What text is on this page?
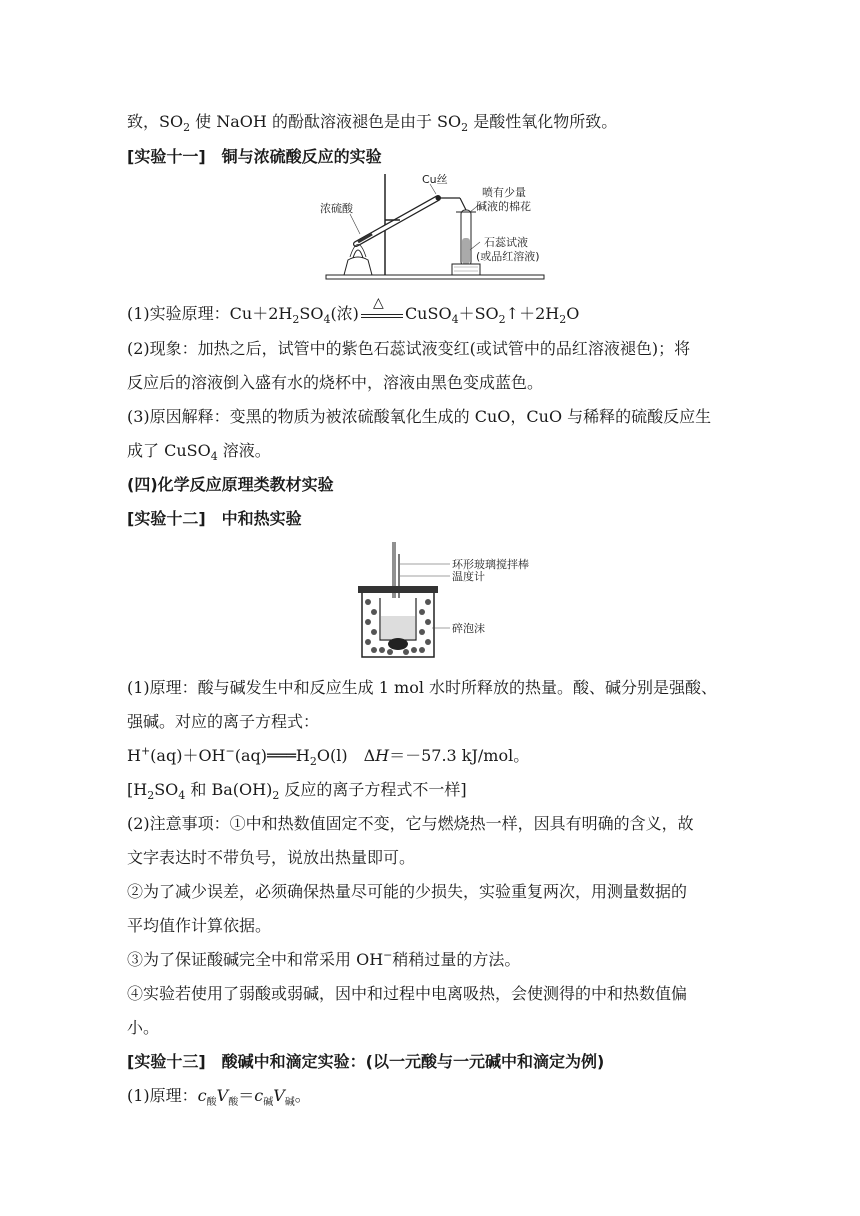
致，$SO_2$ 使 NaOH 的酚酞溶液褪色是由于 $SO_2$ 是酸性氧化物所致。
[实验十一]　铜与浓硫酸反应的实验
Cu丝
浓硫酸
喷有少量
碱液的棉花
石蕊试液
(或品红溶液)
(1)实验原理：$Cu+2H_2SO_4$(浓)
△
$CuSO_4+SO_2↑+2H_2O$
(2)现象：加热之后，试管中的紫色石蕊试液变红(或试管中的品红溶液褪色)；将
反应后的溶液倒入盛有水的烧杯中，溶液由黑色变成蓝色。
(3)原因解释：变黑的物质为被浓硫酸氧化生成的 CuO，CuO 与稀释的硫酸反应生
成了 CuSO$_4$ 溶液。
(四)化学反应原理类教材实验
[实验十二]　中和热实验
环形玻璃搅拌棒
温度计
碎泡沫
(1)原理：酸与碱发生中和反应生成 1 mol 水时所释放的热量。酸、碱分别是强酸、
强碱。对应的离子方程式：
$H^+(aq)+OH^-(aq)═══H_2O(l)$　ΔH＝－57.3 kJ/mol。
[$H_2SO_4$ 和 $Ba(OH)_2$ 反应的离子方程式不一样]
(2)注意事项：①中和热数值固定不变，它与燃烧热一样，因具有明确的含义，故
文字表达时不带负号，说放出热量即可。
②为了减少误差，必须确保热量尽可能的少损失，实验重复两次，用测量数据的
平均值作计算依据。
③为了保证酸碱完全中和常采用 OH−稍稍过量的方法。
④实验若使用了弱酸或弱碱，因中和过程中电离吸热，会使测得的中和热数值偏
小。
[实验十三]　酸碱中和滴定实验：(以一元酸与一元碱中和滴定为例)
(1)原理：$c_酸V_酸=c_碱V_碱$。
